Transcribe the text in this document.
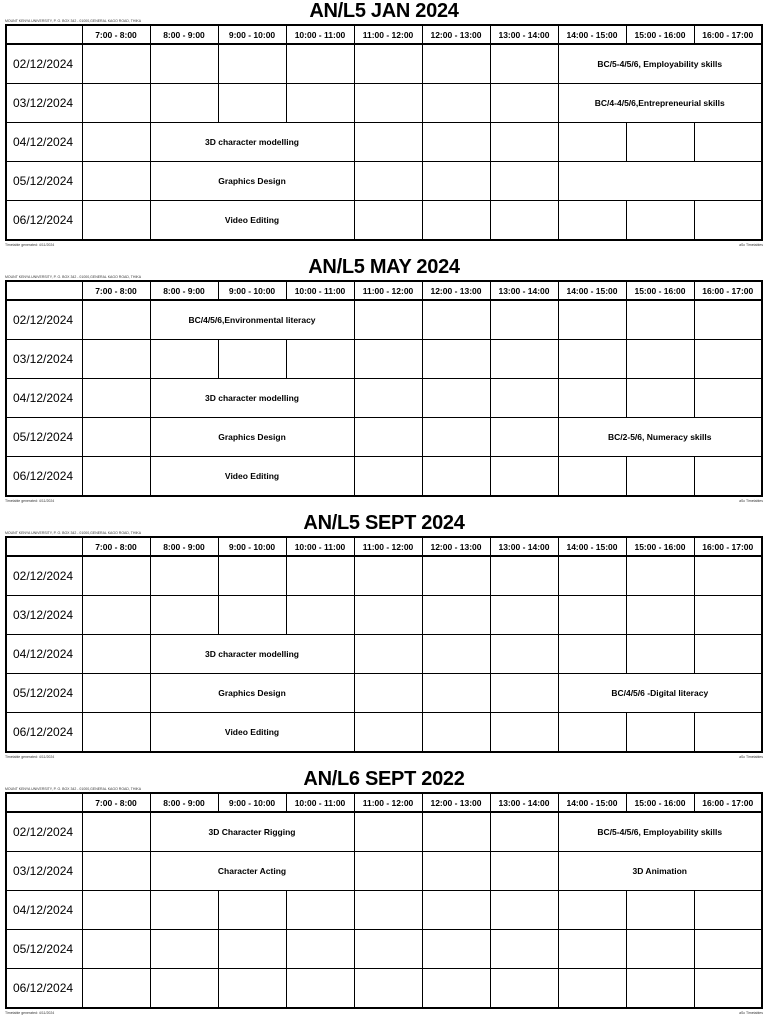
AN/L5 JAN 2024
MOUNT KENYA UNIVERSITY, P. O. BOX 342 - 01000,GENERAL KAGO ROAD, THIKA
	7:00 - 8:00	8:00 - 9:00	9:00 - 10:00	10:00 - 11:00	11:00 - 12:00	12:00 - 13:00	13:00 - 14:00	14:00 - 15:00	15:00 - 16:00	16:00 - 17:00
02/12/2024								BC/5-4/5/6, Employability skills		
03/12/2024								BC/4-4/5/6,Entrepreneurial skills		
04/12/2024		3D character modelling								
05/12/2024		Graphics Design								
06/12/2024		Video Editing								
Timetable generated: 4/11/2024	aSc Timetables
AN/L5 MAY 2024
MOUNT KENYA UNIVERSITY, P. O. BOX 342 - 01000,GENERAL KAGO ROAD, THIKA
	7:00 - 8:00	8:00 - 9:00	9:00 - 10:00	10:00 - 11:00	11:00 - 12:00	12:00 - 13:00	13:00 - 14:00	14:00 - 15:00	15:00 - 16:00	16:00 - 17:00
02/12/2024		BC/4/5/6,Environmental literacy								
03/12/2024										
04/12/2024		3D character modelling								
05/12/2024		Graphics Design						BC/2-5/6, Numeracy skills		
06/12/2024		Video Editing								
Timetable generated: 4/11/2024	aSc Timetables
AN/L5 SEPT 2024
MOUNT KENYA UNIVERSITY, P. O. BOX 342 - 01000,GENERAL KAGO ROAD, THIKA
	7:00 - 8:00	8:00 - 9:00	9:00 - 10:00	10:00 - 11:00	11:00 - 12:00	12:00 - 13:00	13:00 - 14:00	14:00 - 15:00	15:00 - 16:00	16:00 - 17:00
02/12/2024										
03/12/2024										
04/12/2024		3D character modelling								
05/12/2024		Graphics Design						BC/4/5/6 -Digital literacy		
06/12/2024		Video Editing								
Timetable generated: 4/11/2024	aSc Timetables
AN/L6 SEPT 2022
MOUNT KENYA UNIVERSITY, P. O. BOX 342 - 01000,GENERAL KAGO ROAD, THIKA
	7:00 - 8:00	8:00 - 9:00	9:00 - 10:00	10:00 - 11:00	11:00 - 12:00	12:00 - 13:00	13:00 - 14:00	14:00 - 15:00	15:00 - 16:00	16:00 - 17:00
02/12/2024		3D Character Rigging						BC/5-4/5/6, Employability skills		
03/12/2024		Character Acting						3D Animation		
04/12/2024										
05/12/2024										
06/12/2024										
Timetable generated: 4/11/2024	aSc Timetables
